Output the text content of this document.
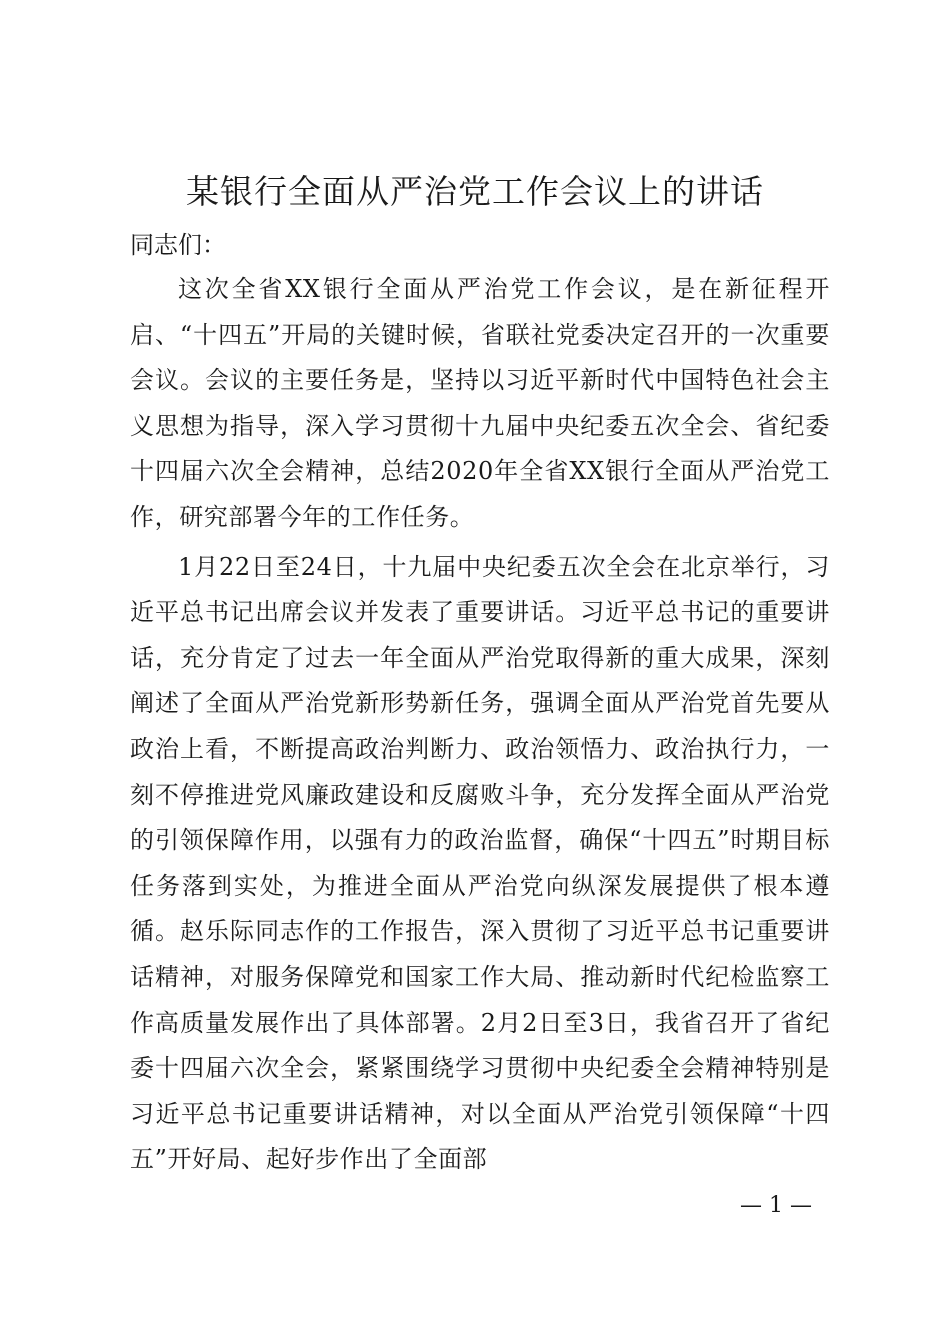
某银行全面从严治党工作会议上的讲话

同志们：

这次全省XX银行全面从严治党工作会议，是在新征程开启、“十四五”开局的关键时候，省联社党委决定召开的一次重要会议。会议的主要任务是，坚持以习近平新时代中国特色社会主义思想为指导，深入学习贯彻十九届中央纪委五次全会、省纪委十四届六次全会精神，总结2020年全省XX银行全面从严治党工作，研究部署今年的工作任务。

1月22日至24日，十九届中央纪委五次全会在北京举行，习近平总书记出席会议并发表了重要讲话。习近平总书记的重要讲话，充分肯定了过去一年全面从严治党取得新的重大成果，深刻阐述了全面从严治党新形势新任务，强调全面从严治党首先要从政治上看，不断提高政治判断力、政治领悟力、政治执行力，一刻不停推进党风廉政建设和反腐败斗争，充分发挥全面从严治党的引领保障作用，以强有力的政治监督，确保“十四五”时期目标任务落到实处，为推进全面从严治党向纵深发展提供了根本遵循。赵乐际同志作的工作报告，深入贯彻了习近平总书记重要讲话精神，对服务保障党和国家工作大局、推动新时代纪检监察工作高质量发展作出了具体部署。2月2日至3日，我省召开了省纪委十四届六次全会，紧紧围绕学习贯彻中央纪委全会精神特别是习近平总书记重要讲话精神，对以全面从严治党引领保障“十四五”开好局、起好步作出了全面部

— 1 —
